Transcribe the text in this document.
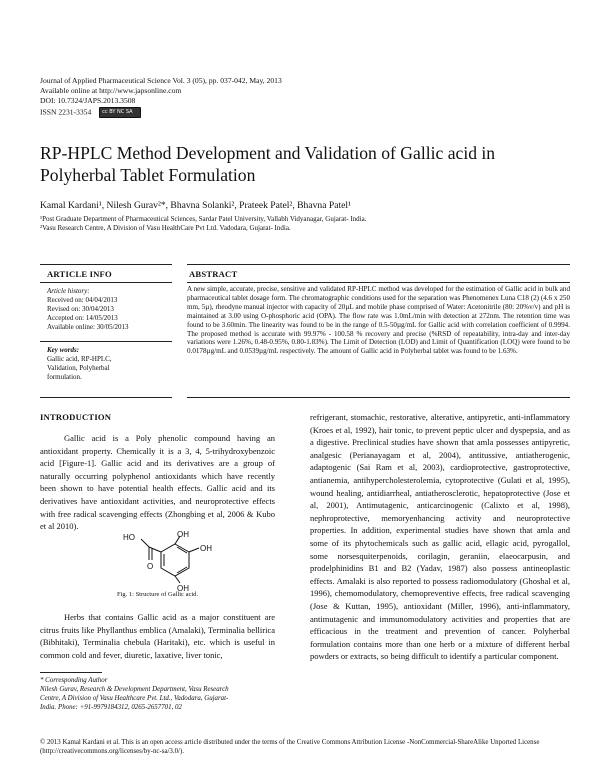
Journal of Applied Pharmaceutical Science Vol. 3 (05), pp. 037-042, May, 2013
Available online at http://www.japsonline.com
DOI: 10.7324/JAPS.2013.3508
ISSN 2231-3354 cc BY NC SA
RP-HPLC Method Development and Validation of Gallic acid in Polyherbal Tablet Formulation
Kamal Kardani¹, Nilesh Gurav²*, Bhavna Solanki², Prateek Patel², Bhavna Patel¹
¹Post Graduate Department of Pharmaceutical Sciences, Sardar Patel University, Vallabh Vidyanagar, Gujarat- India.
²Vasu Research Centre, A Division of Vasu HealthCare Pvt Ltd. Vadodara, Gujarat- India.
ARTICLE INFO
Article history:
Received on: 04/04/2013
Revised on: 30/04/2013
Accepted on: 14/05/2013
Available online: 30/05/2013
Key words:
Gallic acid, RP-HPLC, Validation, Polyherbal formulation.
ABSTRACT
A new simple, accurate, precise, sensitive and validated RP-HPLC method was developed for the estimation of Gallic acid in bulk and pharmaceutical tablet dosage form. The chromatographic conditions used for the separation was Phenomenex Luna C18 (2) (4.6 x 250 mm, 5µ), rheodyne manual injector with capacity of 20µL and mobile phase comprised of Water: Acetonitrile (80: 20%v/v) and pH is maintained at 3.00 using O-phosphoric acid (OPA). The flow rate was 1.0mL/min with detection at 272nm. The retention time was found to be 3.60min. The linearity was found to be in the range of 0.5-50µg/mL for Gallic acid with correlation coefficient of 0.9994. The proposed method is accurate with 99.97% - 100.58 % recovery and precise (%RSD of repeatability, intra-day and inter-day variations were 1.26%, 0.48-0.95%, 0.80-1.83%). The Limit of Detection (LOD) and Limit of Quantification (LOQ) were found to be 0.0178µg/mL and 0.0539µg/mL respectively. The amount of Gallic acid in Polyherbal tablet was found to be 1.63%.
INTRODUCTION
Gallic acid is a Poly phenolic compound having an antioxidant property. Chemically it is a 3, 4, 5-trihydroxybenzoic acid [Figure-1]. Gallic acid and its derivatives are a group of naturally occurring polyphenol antioxidants which have recently been shown to have potential health effects. Gallic acid and its derivatives have antioxidant activities, and neuroprotective effects with free radical scavenging effects (Zhongbing et al, 2006 & Kubo et al 2010).
OH
OH
OH
HO
O
Fig. 1: Structure of Gallic acid.
Herbs that contains Gallic acid as a major constituent are citrus fruits like Phyllanthus emblica (Amalaki), Terminalia bellirica (Bibhitaki), Terminalia chebula (Haritaki), etc. which is useful in common cold and fever, diuretic, laxative, liver tonic,
refrigerant, stomachic, restorative, alterative, antipyretic, anti-inflammatory (Kroes et al, 1992), hair tonic, to prevent peptic ulcer and dyspepsia, and as a digestive. Preclinical studies have shown that amla possesses antipyretic, analgesic (Perianayagam et al, 2004), antitussive, antiatherogenic, adaptogenic (Sai Ram et al, 2003), cardioprotective, gastroprotective, antianemia, antihypercholesterolemia, cytoprotective (Gulati et al, 1995), wound healing, antidiarrheal, antiatherosclerotic, hepatoprotective (Jose et al, 2001), Antimutagenic, anticarcinogenic (Calixto et al, 1998), nephroprotective, memoryenhancing activity and neuroprotective properties. In addition, experimental studies have shown that amla and some of its phytochemicals such as gallic acid, ellagic acid, pyrogallol, some norsesquiterpenoids, corilagin, geraniin, elaeocarpusin, and prodelphinidins B1 and B2 (Yadav, 1987) also possess antineoplastic effects. Amalaki is also reported to possess radiomodulatory (Ghoshal et al, 1996), chemomodulatory, chemopreventive effects, free radical scavenging (Jose & Kuttan, 1995), antioxidant (Miller, 1996), anti-inflammatory, antimutagenic and immunomodulatory activities and properties that are efficacious in the treatment and prevention of cancer. Polyherbal formulation contains more than one herb or a mixture of different herbal powders or extracts, so being difficult to identify a particular component.
* Corresponding Author
Nilesh Gurav, Research & Development Department, Vasu Research
Centre, A Division of Vasu Healthcare Pvt. Ltd., Vadodara, Gujarat-
India. Phone: +91-9979184312, 0265-2657701, 02
© 2013 Kamal Kardani et al. This is an open access article distributed under the terms of the Creative Commons Attribution License -NonCommercial-ShareAlike Unported License (http://creativecommons.org/licenses/by-nc-sa/3.0/).
